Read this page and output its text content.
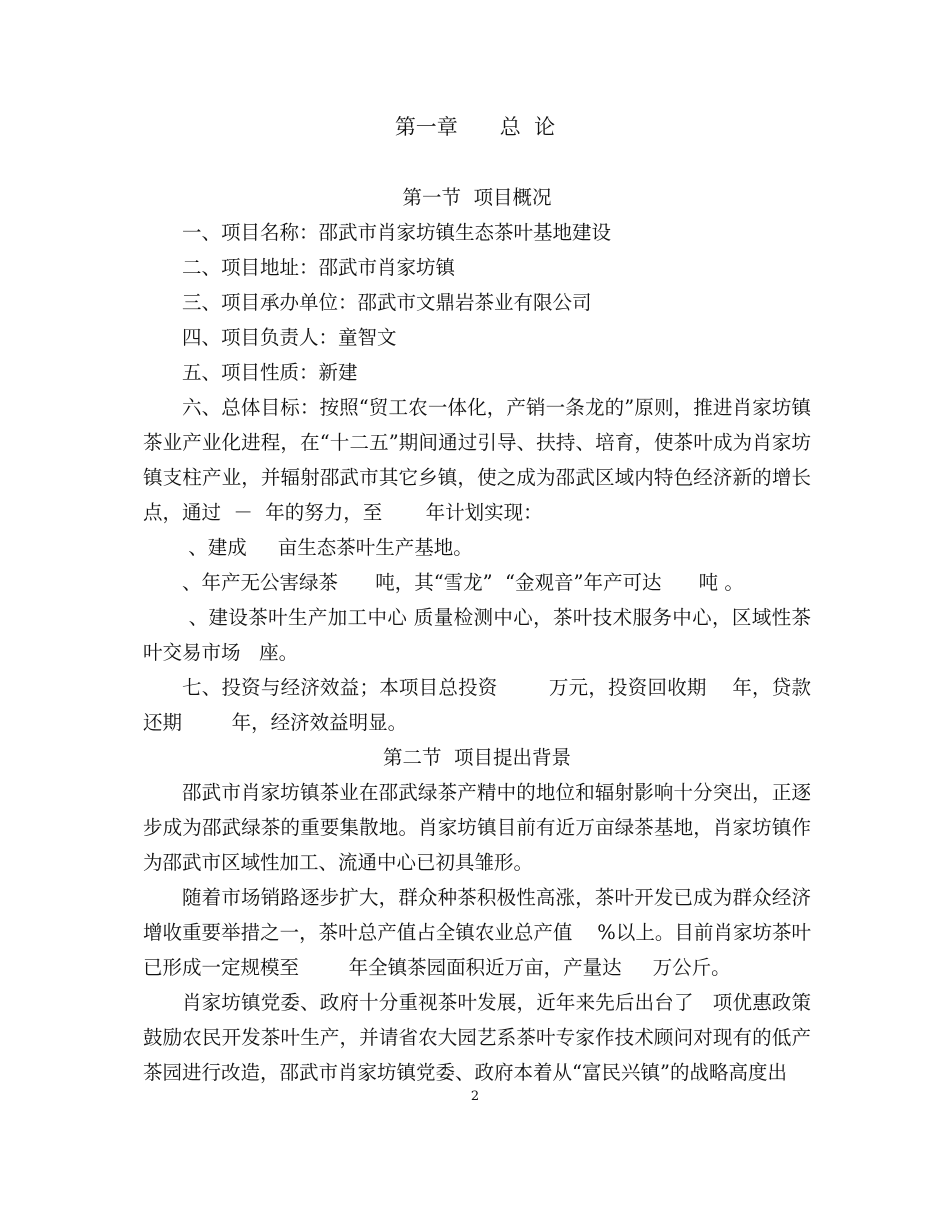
第一章　　总  论

第一节  项目概况

一、项目名称：邵武市肖家坊镇生态茶叶基地建设

二、项目地址：邵武市肖家坊镇

三、项目承办单位：邵武市文鼎岩茶业有限公司

四、项目负责人：童智文

五、项目性质：新建

六、总体目标：按照“贸工农一体化，产销一条龙的”原则，推进肖家坊镇茶业产业化进程，在“十二五”期间通过引导、扶持、培育，使茶叶成为肖家坊镇支柱产业，并辐射邵武市其它乡镇，使之成为邵武区域内特色经济新的增长点，通过  －  年的努力，至       年计划实现：

、建成     亩生态茶叶生产基地。

、年产无公害绿茶      吨，其“雪龙”  “金观音”年产可达      吨 。

、建设茶叶生产加工中心 质量检测中心，茶叶技术服务中心，区域性茶叶交易市场   座。

七、投资与经济效益；本项目总投资        万元，投资回收期    年，贷款还期        年，经济效益明显。

第二节  项目提出背景

邵武市肖家坊镇茶业在邵武绿茶产精中的地位和辐射影响十分突出，正逐步成为邵武绿茶的重要集散地。肖家坊镇目前有近万亩绿茶基地，肖家坊镇作为邵武市区域性加工、流通中心已初具雏形。

随着市场销路逐步扩大，群众种茶积极性高涨，茶叶开发已成为群众经济增收重要举措之一，茶叶总产值占全镇农业总产值    %以上。目前肖家坊茶叶已形成一定规模至        年全镇茶园面积近万亩，产量达     万公斤。

肖家坊镇党委、政府十分重视茶叶发展，近年来先后出台了   项优惠政策鼓励农民开发茶叶生产，并请省农大园艺系茶叶专家作技术顾问对现有的低产茶园进行改造，邵武市肖家坊镇党委、政府本着从“富民兴镇”的战略高度出

2
